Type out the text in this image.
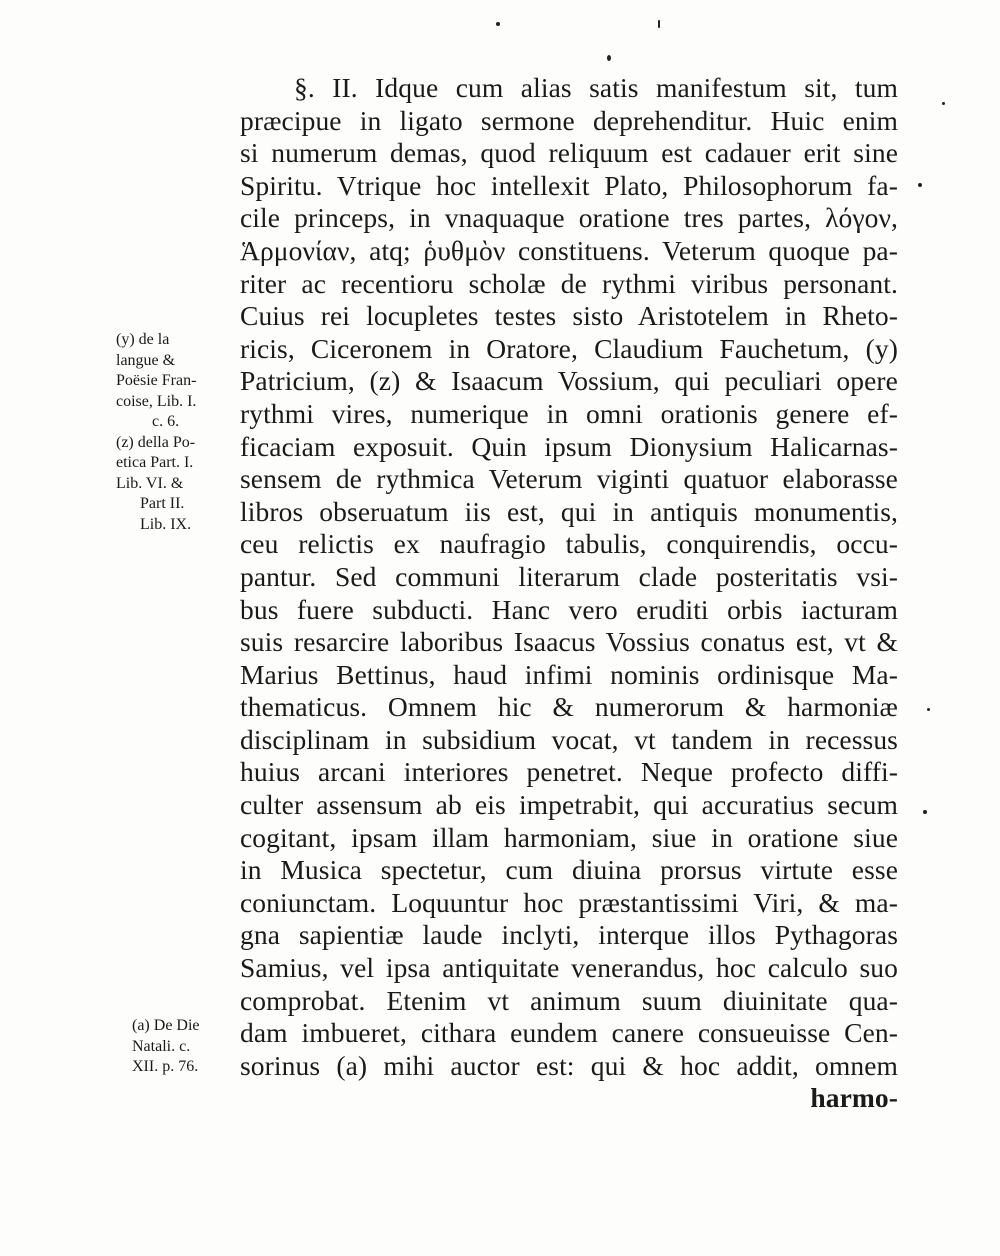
(y) de la
langue &
Poësie Fran-
coise, Lib. I.
c. 6.
(z) della Po-
etica Part. I.
Lib. VI. &
Part II.
Lib. IX.
(a) De Die
Natali. c.
XII. p. 76.
§. II. Idque cum alias satis manifestum sit, tum
præcipue in ligato sermone deprehenditur. Huic enim
si numerum demas, quod reliquum est cadauer erit sine
Spiritu. Vtrique hoc intellexit Plato, Philosophorum fa-
cile princeps, in vnaquaque oratione tres partes, λόγον,
Ἁρμονίαν, atq; ῥυθμὸν constituens. Veterum quoque pa-
riter ac recentioru scholæ de rythmi viribus personant.
Cuius rei locupletes testes sisto Aristotelem in Rheto-
ricis, Ciceronem in Oratore, Claudium Fauchetum, (y)
Patricium, (z) & Isaacum Vossium, qui peculiari opere
rythmi vires, numerique in omni orationis genere ef-
ficaciam exposuit. Quin ipsum Dionysium Halicarnas-
sensem de rythmica Veterum viginti quatuor elaborasse
libros obseruatum iis est, qui in antiquis monumentis,
ceu relictis ex naufragio tabulis, conquirendis, occu-
pantur. Sed communi literarum clade posteritatis vsi-
bus fuere subducti. Hanc vero eruditi orbis iacturam
suis resarcire laboribus Isaacus Vossius conatus est, vt &
Marius Bettinus, haud infimi nominis ordinisque Ma-
thematicus. Omnem hic & numerorum & harmoniæ
disciplinam in subsidium vocat, vt tandem in recessus
huius arcani interiores penetret. Neque profecto diffi-
culter assensum ab eis impetrabit, qui accuratius secum
cogitant, ipsam illam harmoniam, siue in oratione siue
in Musica spectetur, cum diuina prorsus virtute esse
coniunctam. Loquuntur hoc præstantissimi Viri, & ma-
gna sapientiæ laude inclyti, interque illos Pythagoras
Samius, vel ipsa antiquitate venerandus, hoc calculo suo
comprobat. Etenim vt animum suum diuinitate qua-
dam imbueret, cithara eundem canere consueuisse Cen-
sorinus (a) mihi auctor est: qui & hoc addit, omnem
harmo-
